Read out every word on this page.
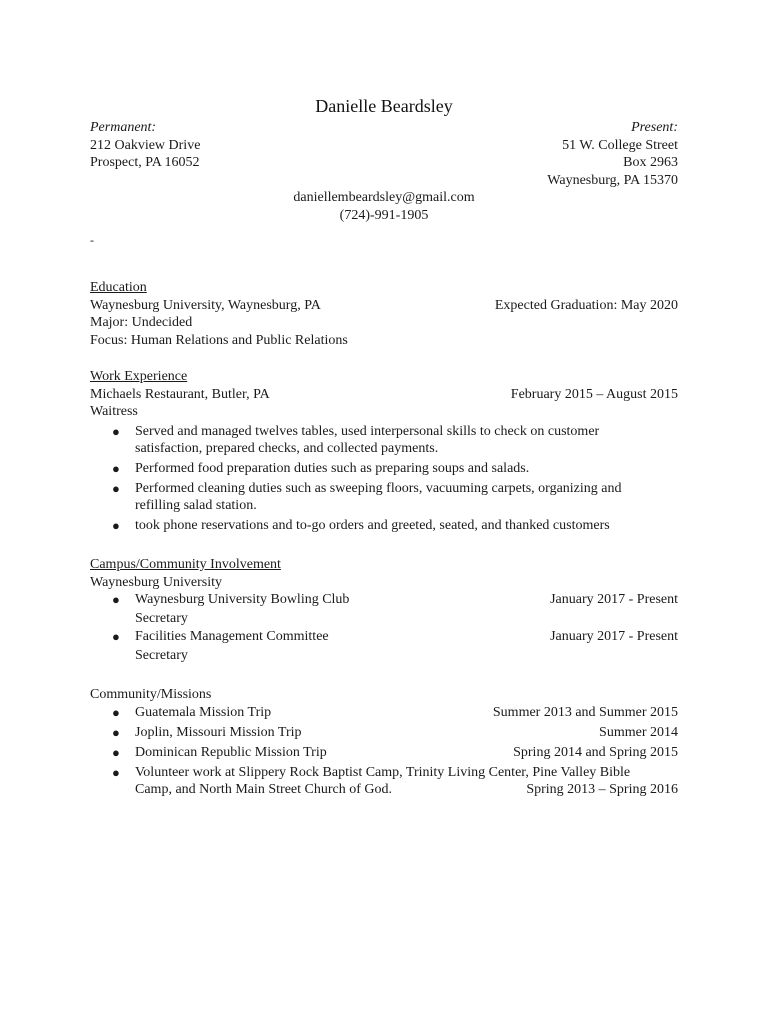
Danielle Beardsley
Permanent:
212 Oakview Drive
Prospect, PA 16052
Present:
51 W. College Street
Box 2963
Waynesburg, PA 15370
daniellembeardsley@gmail.com
(724)-991-1905
-
Education
Waynesburg University, Waynesburg, PA	Expected Graduation: May 2020
Major: Undecided
Focus: Human Relations and Public Relations
Work Experience
Michaels Restaurant, Butler, PA	February 2015 – August 2015
Waitress
● Served and managed twelves tables, used interpersonal skills to check on customer
satisfaction, prepared checks, and collected payments.
● Performed food preparation duties such as preparing soups and salads.
● Performed cleaning duties such as sweeping floors, vacuuming carpets, organizing and
refilling salad station.
● took phone reservations and to-go orders and greeted, seated, and thanked customers
Campus/Community Involvement
Waynesburg University
● Waynesburg University Bowling Club	January 2017 - Present
Secretary
● Facilities Management Committee	January 2017 - Present
Secretary
Community/Missions
● Guatemala Mission Trip	Summer 2013 and Summer 2015
● Joplin, Missouri Mission Trip	Summer 2014
● Dominican Republic Mission Trip	Spring 2014 and Spring 2015
● Volunteer work at Slippery Rock Baptist Camp, Trinity Living Center, Pine Valley Bible
Camp, and North Main Street Church of God.	Spring 2013 – Spring 2016
